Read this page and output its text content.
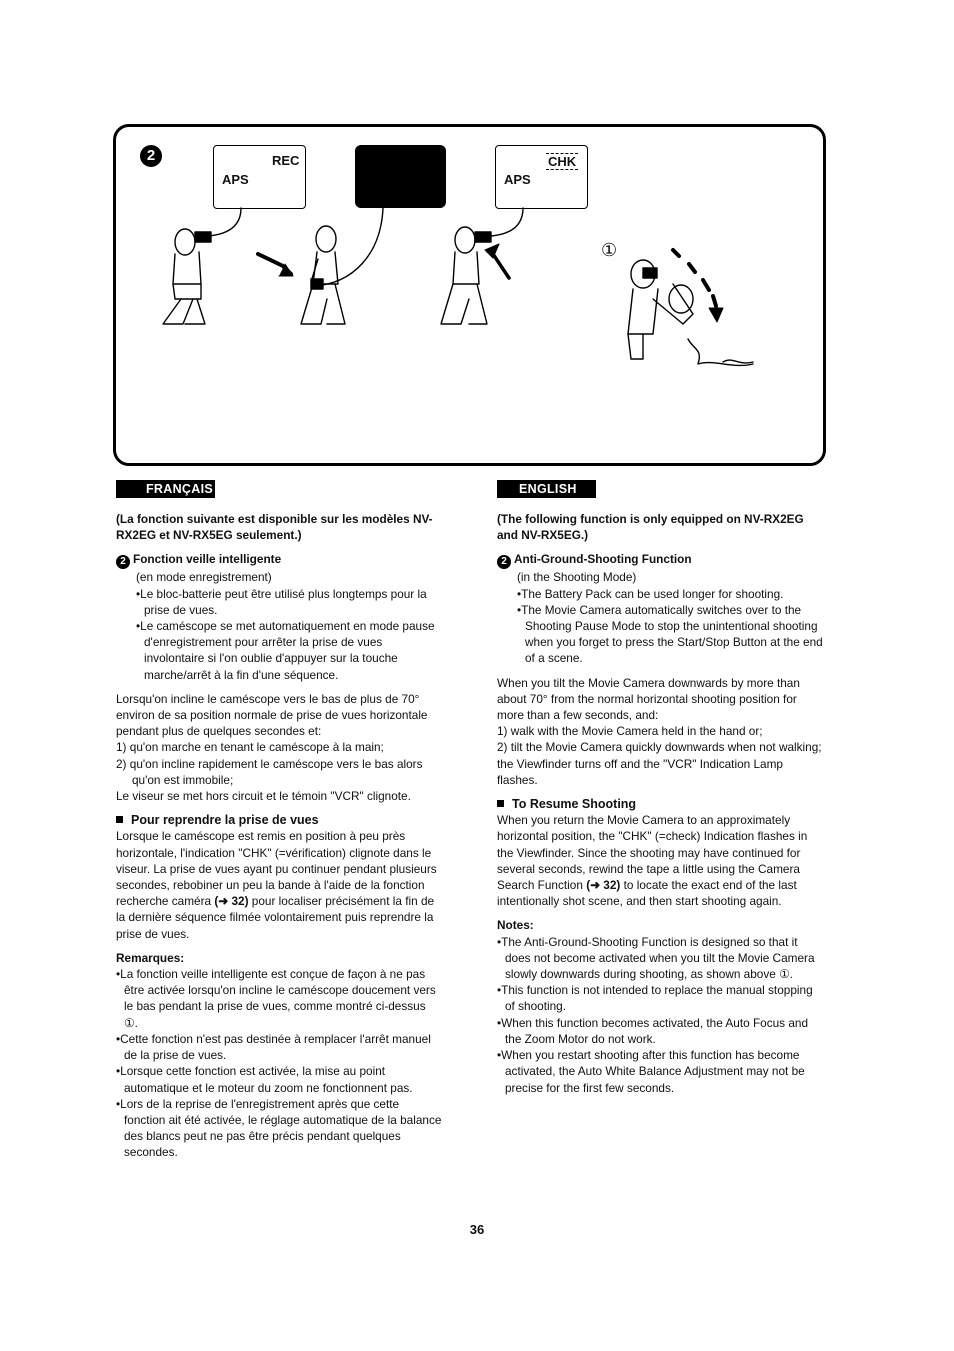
2	REC
APS
CHK
APS
①
FRANÇAIS

(La fonction suivante est disponible sur les modèles NV-RX2EG et NV-RX5EG seulement.)

2 Fonction veille intelligente

(en mode enregistrement)

•Le bloc-batterie peut être utilisé plus longtemps pour la prise de vues.

•Le caméscope se met automatiquement en mode pause d'enregistrement pour arrêter la prise de vues involontaire si l'on oublie d'appuyer sur la touche marche/arrêt à la fin d'une séquence.

Lorsqu'on incline le caméscope vers le bas de plus de 70° environ de sa position normale de prise de vues horizontale pendant plus de quelques secondes et:

1) qu'on marche en tenant le caméscope à la main;

2) qu'on incline rapidement le caméscope vers le bas alors qu'on est immobile;

Le viseur se met hors circuit et le témoin "VCR" clignote.

Pour reprendre la prise de vues

Lorsque le caméscope est remis en position à peu près horizontale, l'indication "CHK" (=vérification) clignote dans le viseur. La prise de vues ayant pu continuer pendant plusieurs secondes, rebobiner un peu la bande à l'aide de la fonction recherche caméra (➜ 32) pour localiser précisément la fin de la dernière séquence filmée volontairement puis reprendre la prise de vues.

Remarques:

•La fonction veille intelligente est conçue de façon à ne pas être activée lorsqu'on incline le caméscope doucement vers le bas pendant la prise de vues, comme montré ci-dessus ①.

•Cette fonction n'est pas destinée à remplacer l'arrêt manuel de la prise de vues.

•Lorsque cette fonction est activée, la mise au point automatique et le moteur du zoom ne fonctionnent pas.

•Lors de la reprise de l'enregistrement après que cette fonction ait été activée, le réglage automatique de la balance des blancs peut ne pas être précis pendant quelques secondes.

ENGLISH

(The following function is only equipped on NV-RX2EG and NV-RX5EG.)

2 Anti-Ground-Shooting Function

(in the Shooting Mode)

•The Battery Pack can be used longer for shooting.

•The Movie Camera automatically switches over to the Shooting Pause Mode to stop the unintentional shooting when you forget to press the Start/Stop Button at the end of a scene.

When you tilt the Movie Camera downwards by more than about 70° from the normal horizontal shooting position for more than a few seconds, and:

1) walk with the Movie Camera held in the hand or;

2) tilt the Movie Camera quickly downwards when not walking;

the Viewfinder turns off and the "VCR" Indication Lamp flashes.

To Resume Shooting

When you return the Movie Camera to an approximately horizontal position, the "CHK" (=check) Indication flashes in the Viewfinder. Since the shooting may have continued for several seconds, rewind the tape a little using the Camera Search Function (➜ 32) to locate the exact end of the last intentionally shot scene, and then start shooting again.

Notes:

•The Anti-Ground-Shooting Function is designed so that it does not become activated when you tilt the Movie Camera slowly downwards during shooting, as shown above ①.

•This function is not intended to replace the manual stopping of shooting.

•When this function becomes activated, the Auto Focus and the Zoom Motor do not work.

•When you restart shooting after this function has become activated, the Auto White Balance Adjustment may not be precise for the first few seconds.

36
